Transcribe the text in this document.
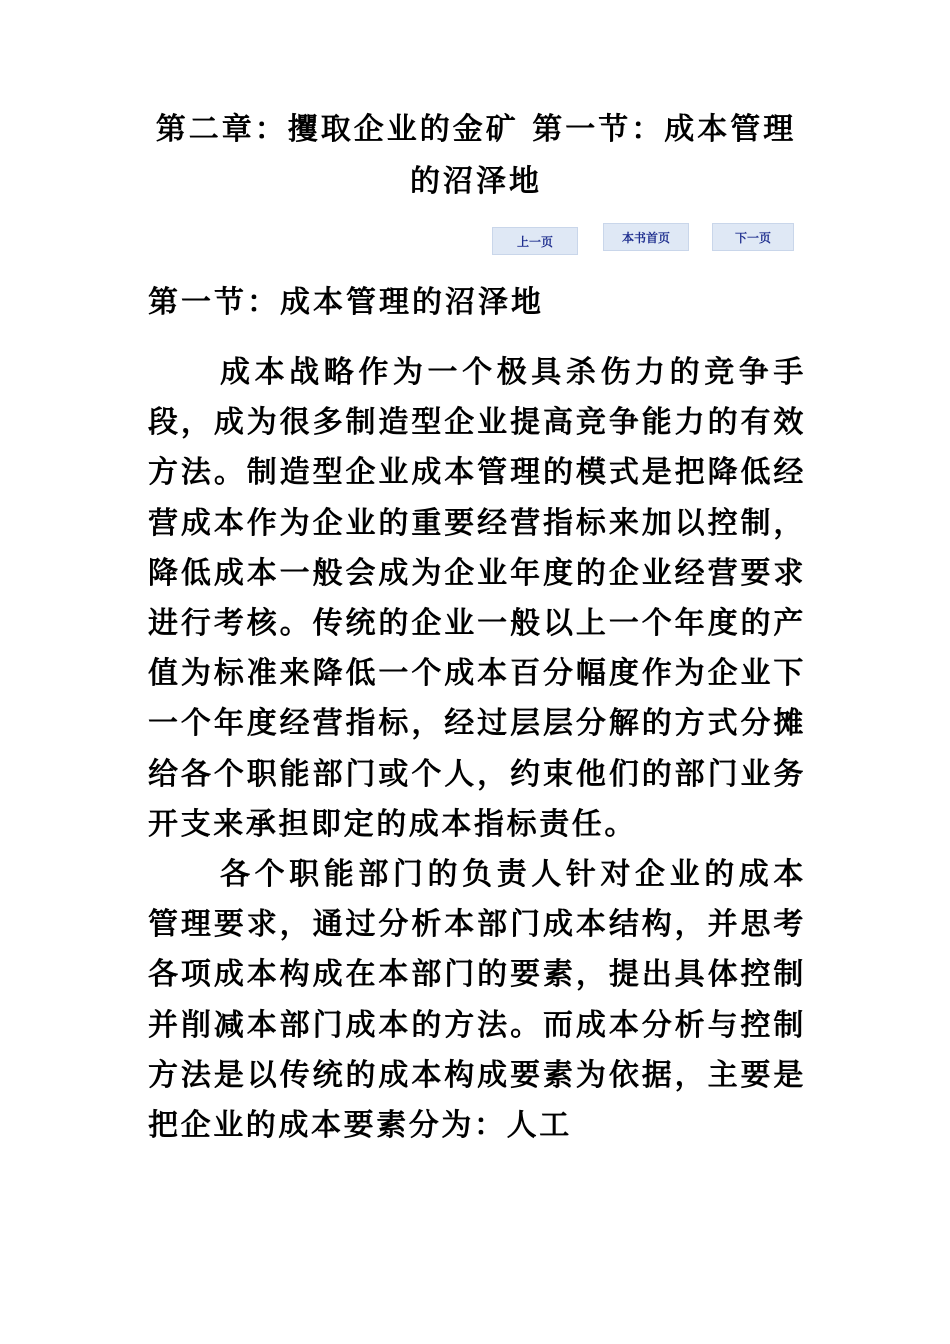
第二章：攫取企业的金矿 第一节：成本管理的沼泽地
上一页	本书首页	下一页
第一节：成本管理的沼泽地

成本战略作为一个极具杀伤力的竞争手段，成为很多制造型企业提高竞争能力的有效方法。制造型企业成本管理的模式是把降低经营成本作为企业的重要经营指标来加以控制，降低成本一般会成为企业年度的企业经营要求进行考核。传统的企业一般以上一个年度的产值为标准来降低一个成本百分幅度作为企业下一个年度经营指标，经过层层分解的方式分摊给各个职能部门或个人，约束他们的部门业务开支来承担即定的成本指标责任。

各个职能部门的负责人针对企业的成本管理要求，通过分析本部门成本结构，并思考各项成本构成在本部门的要素，提出具体控制并削减本部门成本的方法。而成本分析与控制方法是以传统的成本构成要素为依据，主要是把企业的成本要素分为：人工
